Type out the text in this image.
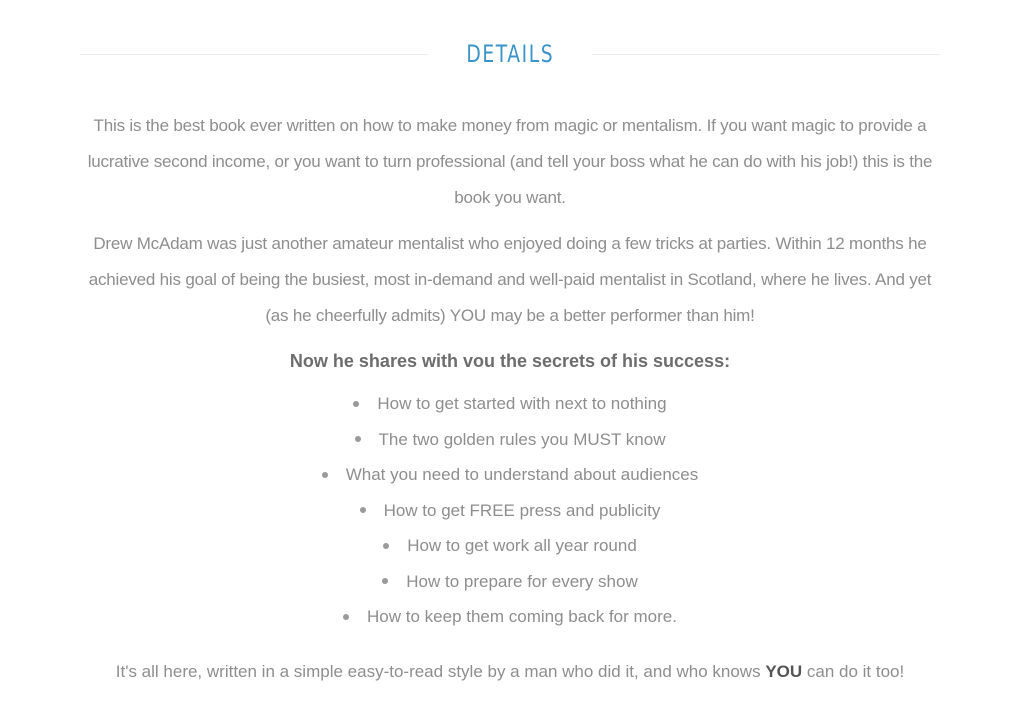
DETAILS

This is the best book ever written on how to make money from magic or mentalism. If you want magic to provide a lucrative second income, or you want to turn professional (and tell your boss what he can do with his job!) this is the book you want.

Drew McAdam was just another amateur mentalist who enjoyed doing a few tricks at parties. Within 12 months he achieved his goal of being the busiest, most in-demand and well-paid mentalist in Scotland, where he lives. And yet (as he cheerfully admits) YOU may be a better performer than him!

Now he shares with vou the secrets of his success:
How to get started with next to nothing
The two golden rules you MUST know
What you need to understand about audiences
How to get FREE press and publicity
How to get work all year round
How to prepare for every show
How to keep them coming back for more.

It's all here, written in a simple easy-to-read style by a man who did it, and who knows YOU can do it too!
